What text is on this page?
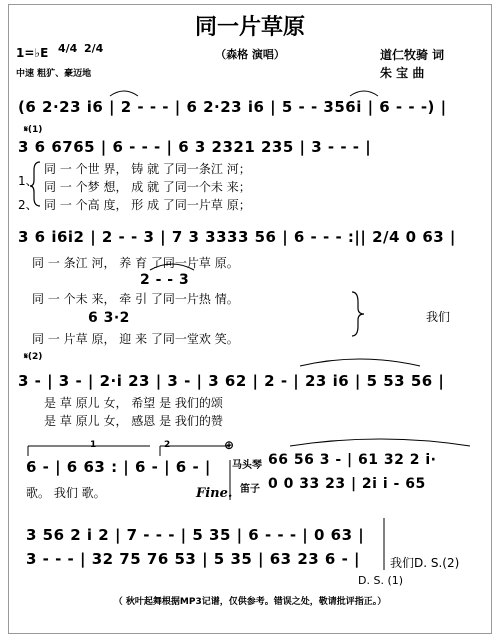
同一片草原
（森格 演唱）
1=♭E 4/4 2/4
中速 粗犷、豪迈地
道仁牧骑 词
朱 宝 曲
(6 2·23 i6 | 2 - - - | 6 2·23 i6 | 5 - - 356i | 6 - - -) |
𝄋(1)
3 6 6765 | 6 - - - | 6 3 2321 235 | 3 - - - |
1、
同 一 个世 界， 铸 就 了同一条江 河；
同 一 个梦 想， 成 就 了同一个未 来；
2、 同 一 个高 度， 形 成 了同一片草 原；
3 6 i6i2 | 2 - - 3 | 7 3 3333 56 | 6 - - - :|| 2/4 0 63 |
同 一 条江 河， 养 育 了同一片草 原。
2 - - 3
同 一 个未 来， 牵 引 了同一片热 情。
6 3·2
同 一 片草 原， 迎 来 了同一堂欢 笑。
我们
𝄋(2)
3 - | 3 - | 2·i 23 | 3 - | 3 62 | 2 - | 23 i6 | 5 53 56 |
是 草 原儿 女， 希望 是 我们的颂
是 草 原儿 女， 感恩 是 我们的赞
1	2	⊕
6 - | 6 63 : | 6 - | 6 - |
歌。 我们 歌。	Fine.
马头琴 66 56 3 - | 61 32 2 i·
笛子 0 0 33 23 | 2i i - 65
3 56 2 i 2 | 7 - - - | 5 35 | 6 - - - | 0 63 |
3 - - - | 32 75 76 53 | 5 35 | 63 23 6 - | 我们D. S.(2)
D. S. (1)
（ 秋叶起舞根据MP3记谱，仅供参考。错误之处，敬请批评指正。）
